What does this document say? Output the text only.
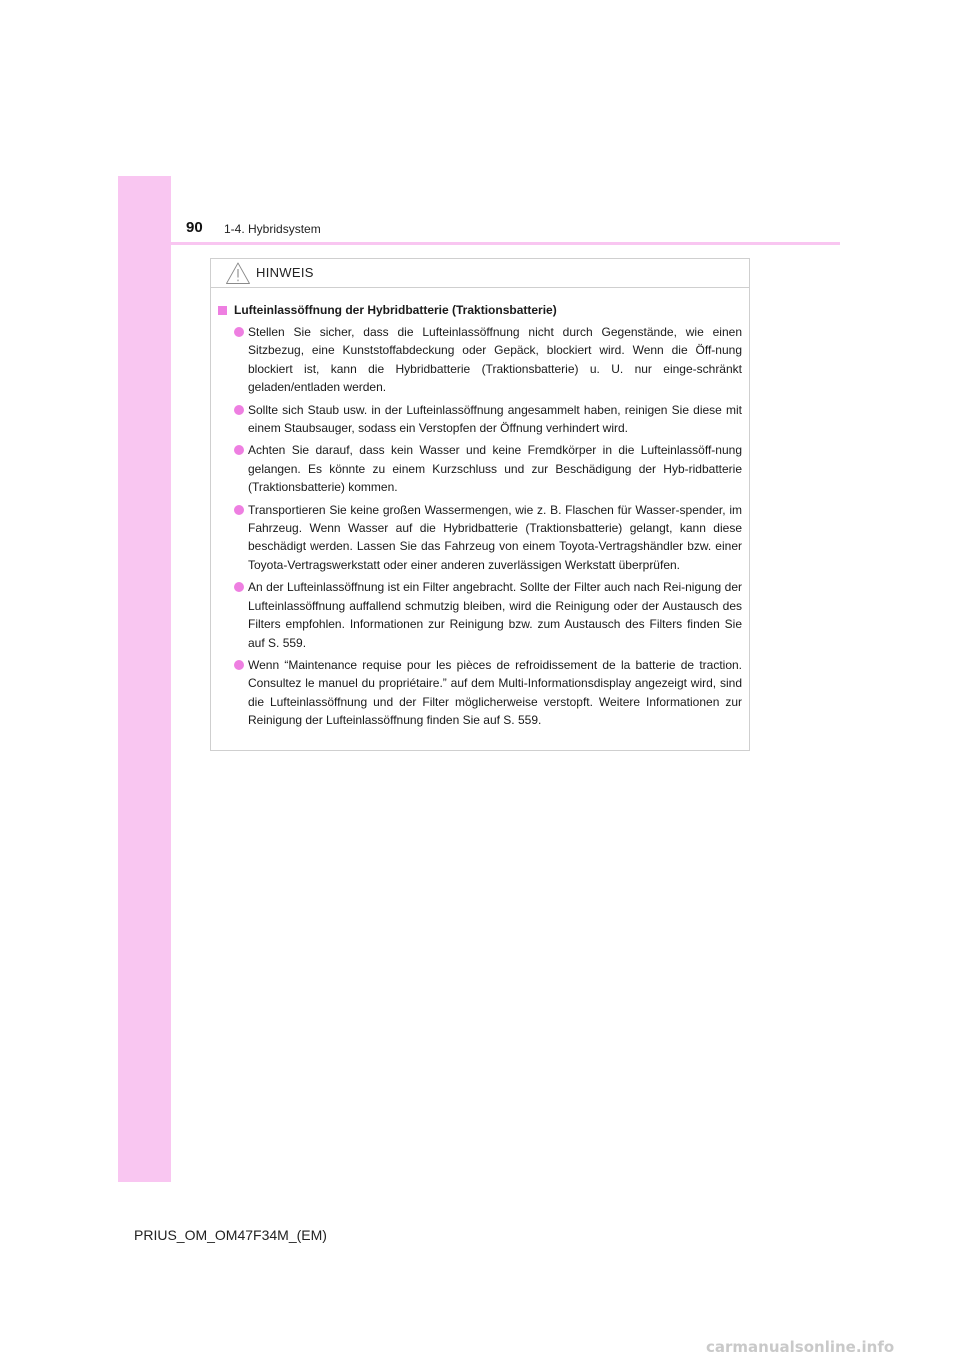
90 1-4. Hybridsystem
HINWEIS
Lufteinlassöffnung der Hybridbatterie (Traktionsbatterie)
Stellen Sie sicher, dass die Lufteinlassöffnung nicht durch Gegenstände, wie einen Sitzbezug, eine Kunststoffabdeckung oder Gepäck, blockiert wird. Wenn die Öff-nung blockiert ist, kann die Hybridbatterie (Traktionsbatterie) u. U. nur einge-schränkt geladen/entladen werden.
Sollte sich Staub usw. in der Lufteinlassöffnung angesammelt haben, reinigen Sie diese mit einem Staubsauger, sodass ein Verstopfen der Öffnung verhindert wird.
Achten Sie darauf, dass kein Wasser und keine Fremdkörper in die Lufteinlassöff-nung gelangen. Es könnte zu einem Kurzschluss und zur Beschädigung der Hyb-ridbatterie (Traktionsbatterie) kommen.
Transportieren Sie keine großen Wassermengen, wie z. B. Flaschen für Wasser-spender, im Fahrzeug. Wenn Wasser auf die Hybridbatterie (Traktionsbatterie) gelangt, kann diese beschädigt werden. Lassen Sie das Fahrzeug von einem Toyota-Vertragshändler bzw. einer Toyota-Vertragswerkstatt oder einer anderen zuverlässigen Werkstatt überprüfen.
An der Lufteinlassöffnung ist ein Filter angebracht. Sollte der Filter auch nach Rei-nigung der Lufteinlassöffnung auffallend schmutzig bleiben, wird die Reinigung oder der Austausch des Filters empfohlen. Informationen zur Reinigung bzw. zum Austausch des Filters finden Sie auf S. 559.
Wenn “Maintenance requise pour les pièces de refroidissement de la batterie de traction. Consultez le manuel du propriétaire.” auf dem Multi-Informationsdisplay angezeigt wird, sind die Lufteinlassöffnung und der Filter möglicherweise verstopft. Weitere Informationen zur Reinigung der Lufteinlassöffnung finden Sie auf S. 559.
PRIUS_OM_OM47F34M_(EM)
carmanualsonline.info
